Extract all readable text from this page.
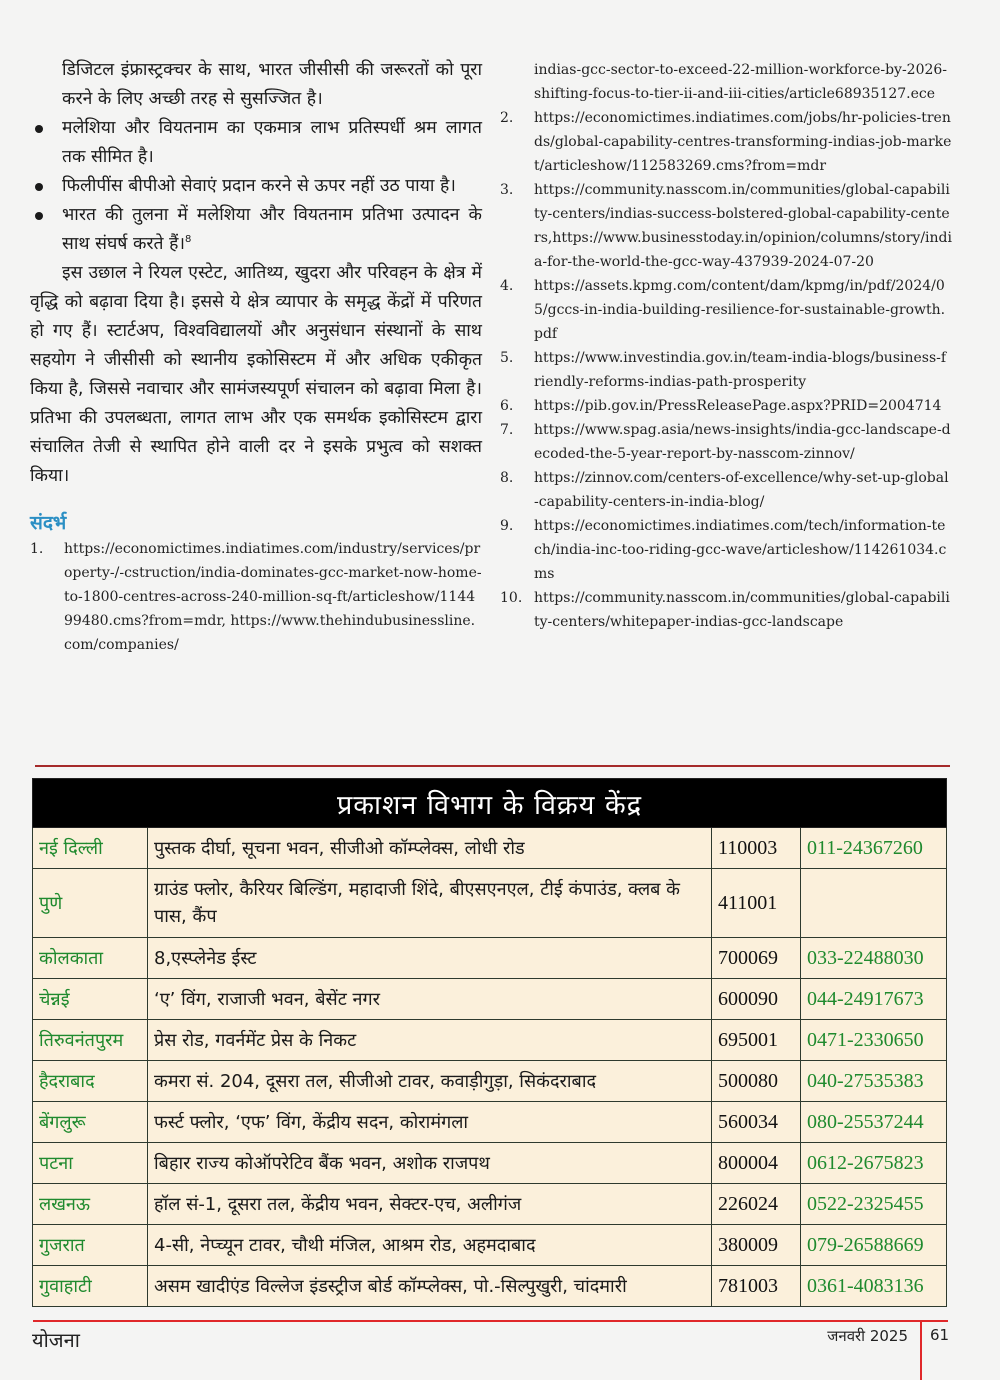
डिजिटल इंफ्रास्ट्रक्चर के साथ, भारत जीसीसी की जरूरतों को पूरा करने के लिए अच्छी तरह से सुसज्जित है।
मलेशिया और वियतनाम का एकमात्र लाभ प्रतिस्पर्धी श्रम लागत तक सीमित है।
फिलीपींस बीपीओ सेवाएं प्रदान करने से ऊपर नहीं उठ पाया है।
भारत की तुलना में मलेशिया और वियतनाम प्रतिभा उत्पादन के साथ संघर्ष करते हैं।$^8$

इस उछाल ने रियल एस्टेट, आतिथ्य, खुदरा और परिवहन के क्षेत्र में वृद्धि को बढ़ावा दिया है। इससे ये क्षेत्र व्यापार के समृद्ध केंद्रों में परिणत हो गए हैं। स्टार्टअप, विश्वविद्यालयों और अनुसंधान संस्थानों के साथ सहयोग ने जीसीसी को स्थानीय इकोसिस्टम में और अधिक एकीकृत किया है, जिससे नवाचार और सामंजस्यपूर्ण संचालन को बढ़ावा मिला है। प्रतिभा की उपलब्धता, लागत लाभ और एक समर्थक इकोसिस्टम द्वारा संचालित तेजी से स्थापित होने वाली दर ने इसके प्रभुत्व को सशक्त किया।

संदर्भ
1. https://economictimes.indiatimes.com/industry/services/property-/-cstruction/india-dominates-gcc-market-now-home-to-1800-centres-across-240-million-sq-ft/articleshow/114499480.cms?from=mdr, https://www.thehindubusinessline.com/companies/
indias-gcc-sector-to-exceed-22-million-workforce-by-2026-shifting-focus-to-tier-ii-and-iii-cities/article68935127.ece
2. https://economictimes.indiatimes.com/jobs/hr-policies-trends/global-capability-centres-transforming-indias-job-market/articleshow/112583269.cms?from=mdr
3. https://community.nasscom.in/communities/global-capability-centers/indias-success-bolstered-global-capability-centers,https://www.businesstoday.in/opinion/columns/story/india-for-the-world-the-gcc-way-437939-2024-07-20
4. https://assets.kpmg.com/content/dam/kpmg/in/pdf/2024/05/gccs-in-india-building-resilience-for-sustainable-growth.pdf
5. https://www.investindia.gov.in/team-india-blogs/business-friendly-reforms-indias-path-prosperity
6. https://pib.gov.in/PressReleasePage.aspx?PRID=2004714
7. https://www.spag.asia/news-insights/india-gcc-landscape-decoded-the-5-year-report-by-nasscom-zinnov/
8. https://zinnov.com/centers-of-excellence/why-set-up-global-capability-centers-in-india-blog/
9. https://economictimes.indiatimes.com/tech/information-tech/india-inc-too-riding-gcc-wave/articleshow/114261034.cms
10. https://community.nasscom.in/communities/global-capability-centers/whitepaper-indias-gcc-landscape
प्रकाशन विभाग के विक्रय केंद्र			
नई दिल्ली	पुस्तक दीर्घा, सूचना भवन, सीजीओ कॉम्प्लेक्स, लोधी रोड	110003	011-24367260
पुणे	ग्राउंड फ्लोर, कैरियर बिल्डिंग, महादाजी शिंदे, बीएसएनएल, टीई कंपाउंड, क्लब के पास, कैंप	411001	
कोलकाता	8,एस्प्लेनेड ईस्ट	700069	033-22488030
चेन्नई	‘ए’ विंग, राजाजी भवन, बेसेंट नगर	600090	044-24917673
तिरुवनंतपुरम	प्रेस रोड, गवर्नमेंट प्रेस के निकट	695001	0471-2330650
हैदराबाद	कमरा सं. 204, दूसरा तल, सीजीओ टावर, कवाड़ीगुड़ा, सिकंदराबाद	500080	040-27535383
बेंगलुरू	फर्स्ट फ्लोर, ‘एफ’ विंग, केंद्रीय सदन, कोरामंगला	560034	080-25537244
पटना	बिहार राज्य कोऑपरेटिव बैंक भवन, अशोक राजपथ	800004	0612-2675823
लखनऊ	हॉल सं-1, दूसरा तल, केंद्रीय भवन, सेक्टर-एच, अलीगंज	226024	0522-2325455
गुजरात	4-सी, नेप्च्यून टावर, चौथी मंजिल, आश्रम रोड, अहमदाबाद	380009	079-26588669
गुवाहाटी	असम खादीएंड विल्लेज इंडस्ट्रीज बोर्ड कॉम्प्लेक्स, पो.-सिल्पुखुरी, चांदमारी	781003	0361-4083136
योजना	जनवरी 2025 61
